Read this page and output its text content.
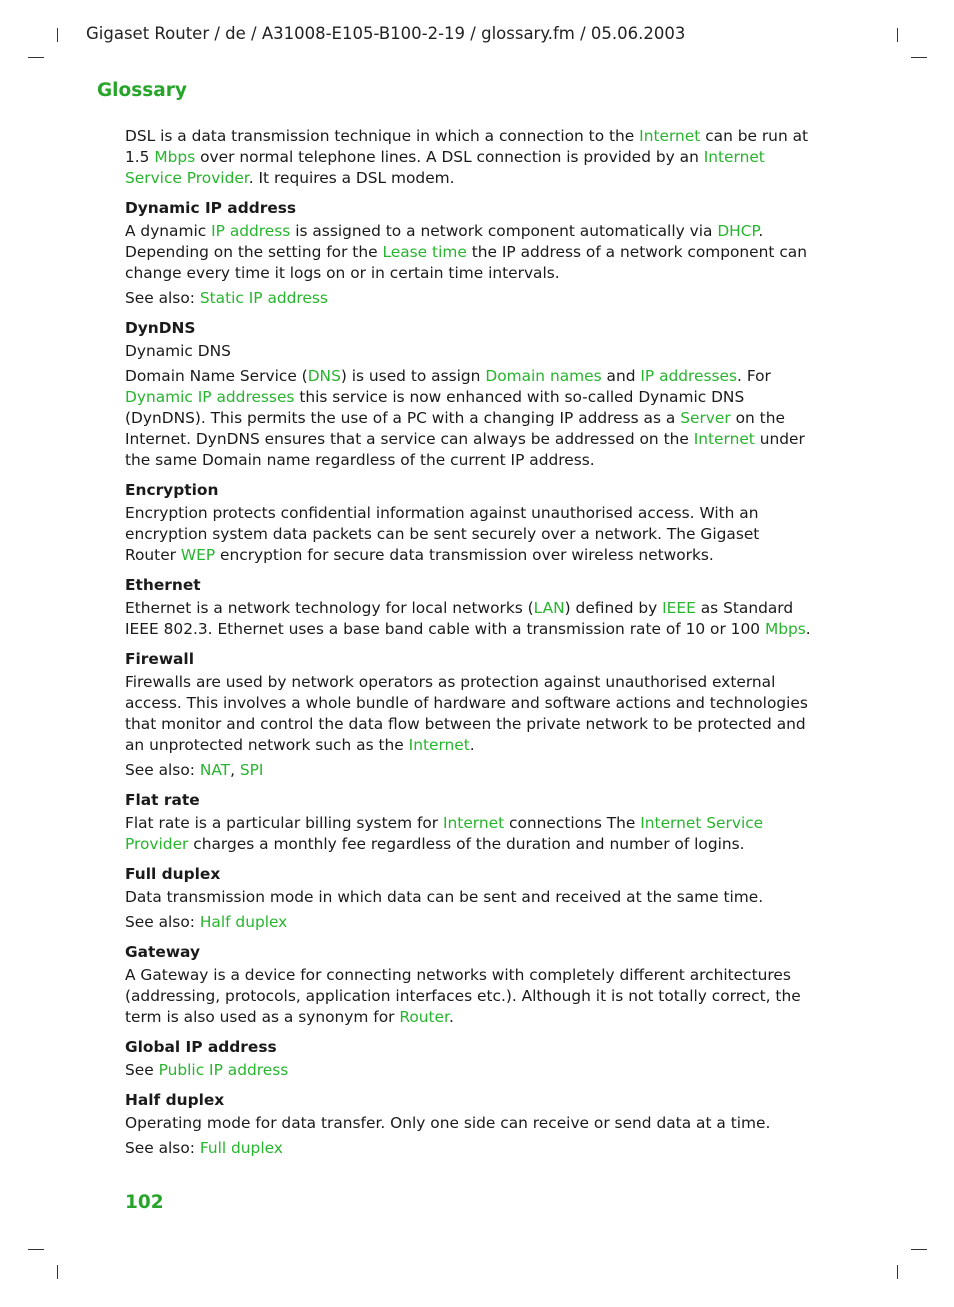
Gigaset Router / de / A31008-E105-B100-2-19 / glossary.fm / 05.06.2003
Glossary

DSL is a data transmission technique in which a connection to the Internet can be run at 1.5 Mbps over normal telephone lines. A DSL connection is provided by an Internet Service Provider. It requires a DSL modem.

Dynamic IP address

A dynamic IP address is assigned to a network component automatically via DHCP. Depending on the setting for the Lease time the IP address of a network component can change every time it logs on or in certain time intervals.

See also: Static IP address

DynDNS

Dynamic DNS

Domain Name Service (DNS) is used to assign Domain names and IP addresses. For Dynamic IP addresses this service is now enhanced with so-called Dynamic DNS (DynDNS). This permits the use of a PC with a changing IP address as a Server on the Internet. DynDNS ensures that a service can always be addressed on the Internet under the same Domain name regardless of the current IP address.

Encryption

Encryption protects confidential information against unauthorised access. With an encryption system data packets can be sent securely over a network. The Gigaset Router WEP encryption for secure data transmission over wireless networks.

Ethernet

Ethernet is a network technology for local networks (LAN) defined by IEEE as Standard IEEE 802.3. Ethernet uses a base band cable with a transmission rate of 10 or 100 Mbps.

Firewall

Firewalls are used by network operators as protection against unauthorised external access. This involves a whole bundle of hardware and software actions and technologies that monitor and control the data flow between the private network to be protected and an unprotected network such as the Internet.

See also: NAT, SPI

Flat rate

Flat rate is a particular billing system for Internet connections The Internet Service Provider charges a monthly fee regardless of the duration and number of logins.

Full duplex

Data transmission mode in which data can be sent and received at the same time.

See also: Half duplex

Gateway

A Gateway is a device for connecting networks with completely different architectures (addressing, protocols, application interfaces etc.). Although it is not totally correct, the term is also used as a synonym for Router.

Global IP address

See Public IP address

Half duplex

Operating mode for data transfer. Only one side can receive or send data at a time.

See also: Full duplex

102
